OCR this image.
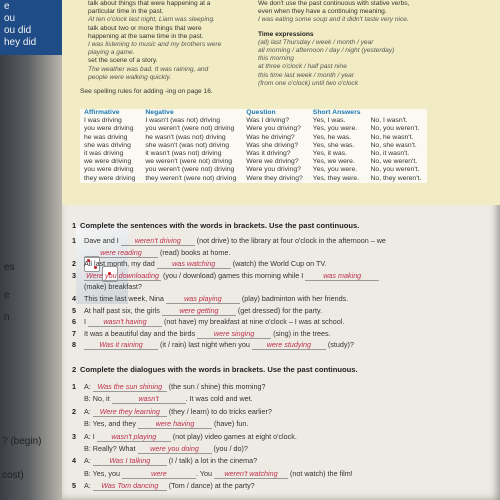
e
ou
ou did
hey did
es
e
n
? (begin)
cost)
talk about things that were happening at a
particular time in the past.
At ten o'clock last night, Liam was sleeping.
talk about two or more things that were
happening at the same time in the past.
I was listening to music and my brothers were
playing a game.
set the scene of a story.
The weather was bad. It was raining, and
people were walking quickly.
See spelling rules for adding -ing on page 16.
We don't use the past continuous with stative verbs,
even when they have a continuing meaning.
I was eating some soup and it didn't taste very nice.
Time expressions
(all) last Thursday / week / month / year
all morning / afternoon / day / night (yesterday)
this morning
at three o'clock / half past nine
this time last week / month / year
(from one o'clock) until two o'clock
Affirmative	Negative	Question	Short Answers	
I was driving	I wasn't (was not) driving	Was I driving?	Yes, I was.	No, I wasn't.
you were driving	you weren't (were not) driving	Were you driving?	Yes, you were.	No, you weren't.
he was driving	he wasn't (was not) driving	Was he driving?	Yes, he was.	No, he wasn't.
she was driving	she wasn't (was not) driving	Was she driving?	Yes, she was.	No, she wasn't.
it was driving	it wasn't (was not) driving	Was it driving?	Yes, it was.	No, it wasn't.
we were driving	we weren't (were not) driving	Were we driving?	Yes, we were.	No, we weren't.
you were driving	you weren't (were not) driving	Were you driving?	Yes, you were.	No, you weren't.
they were driving	they weren't (were not) driving	Were they driving?	Yes, they were.	No, they weren't.
1 Complete the sentences with the words in brackets. Use the past continuous.
1 Dave and I weren't driving (not drive) to the library at four o'clock in the afternoon – we
were reading (read) books at home.
2 All last month, my dad was watching (watch) the World Cup on TV.
3 Were you downloading (you / download) games this morning while I	was making
(make) breakfast?
4 This time last week, Nina	was playing	(play) badminton with her friends.
5 At half past six, the girls were getting (get dressed) for the party.
6 I wasn't having (not have) my breakfast at nine o'clock – I was at school.
7 It was a beautiful day and the birds were singing (sing) in the trees.
8	Was it raining (it / rain) last night when you were studying (study)?
2 Complete the dialogues with the words in brackets. Use the past continuous.
1 A: Was the sun shining (the sun / shine) this morning?
B: No, it	wasn't	. It was cold and wet.
2 A: Were they learning (they / learn) to do tricks earlier?
B: Yes, and they were having (have) fun.
3 A: I wasn't playing (not play) video games at eight o'clock.
B: Really? What were you doing (you / do)?
4 A: Was I talking (I / talk) a lot in the cinema?
B: Yes, you	were	. You weren't watching (not watch) the film!
5 A: Was Tom dancing (Tom / dance) at the party?
